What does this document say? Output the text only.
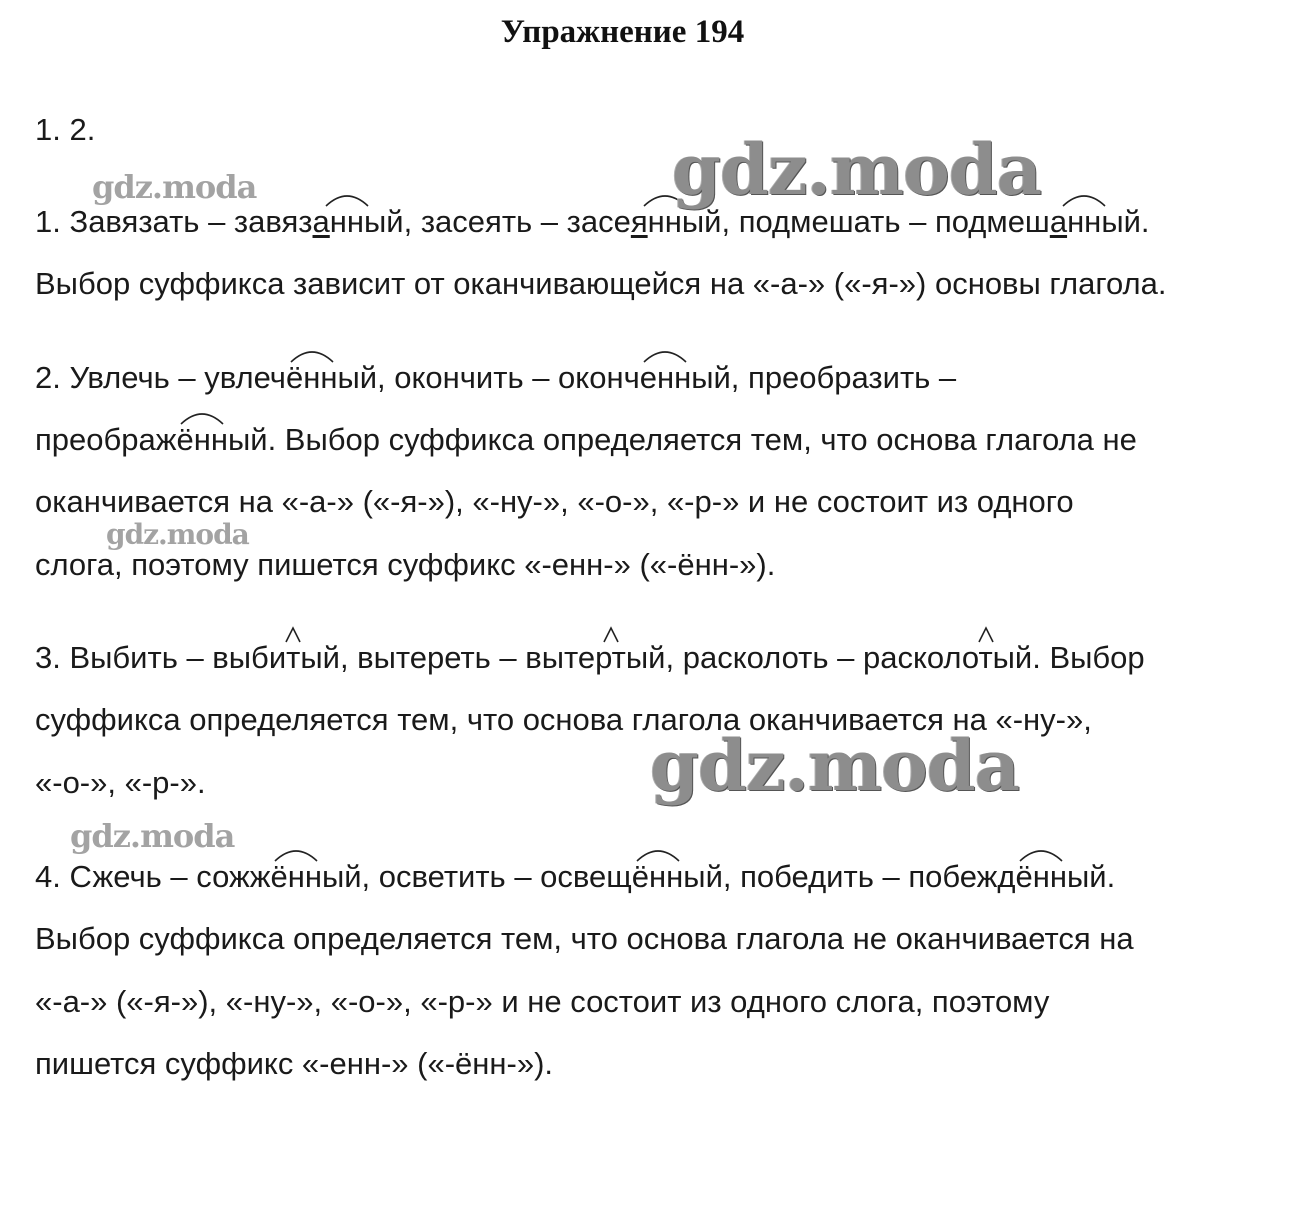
Упражнение 194
1. 2.
1. Завязать – завязанн
ый, засеять – засеянн
ый, подмешать – подмешанн
ый.
Выбор суффикса зависит от оканчивающейся на «-а-» («-я-») основы глагола.
2. Увлечь – увлечённ
ый, окончить – оконченн
ый, преобразить –
преображённ
ый. Выбор суффикса определяется тем, что основа глагола не
оканчивается на «-а-» («-я-»), «-ну-», «-о-», «-р-» и не состоит из одного
слога, поэтому пишется суффикс «-енн-» («-ённ-»).
3. Выбить – выбит
ый, вытереть – вытерт
ый, расколоть – расколот
ый. Выбор
суффикса определяется тем, что основа глагола оканчивается на «-ну-»,
«-о-», «-р-».
4. Сжечь – сожжённ
ый, осветить – освещённ
ый, победить – побеждённ
ый.
Выбор суффикса определяется тем, что основа глагола не оканчивается на
«-а-» («-я-»), «-ну-», «-о-», «-р-» и не состоит из одного слога, поэтому
пишется суффикс «-енн-» («-ённ-»).
gdz.moda
gdz.moda
gdz.moda
gdz.moda
gdz.moda
